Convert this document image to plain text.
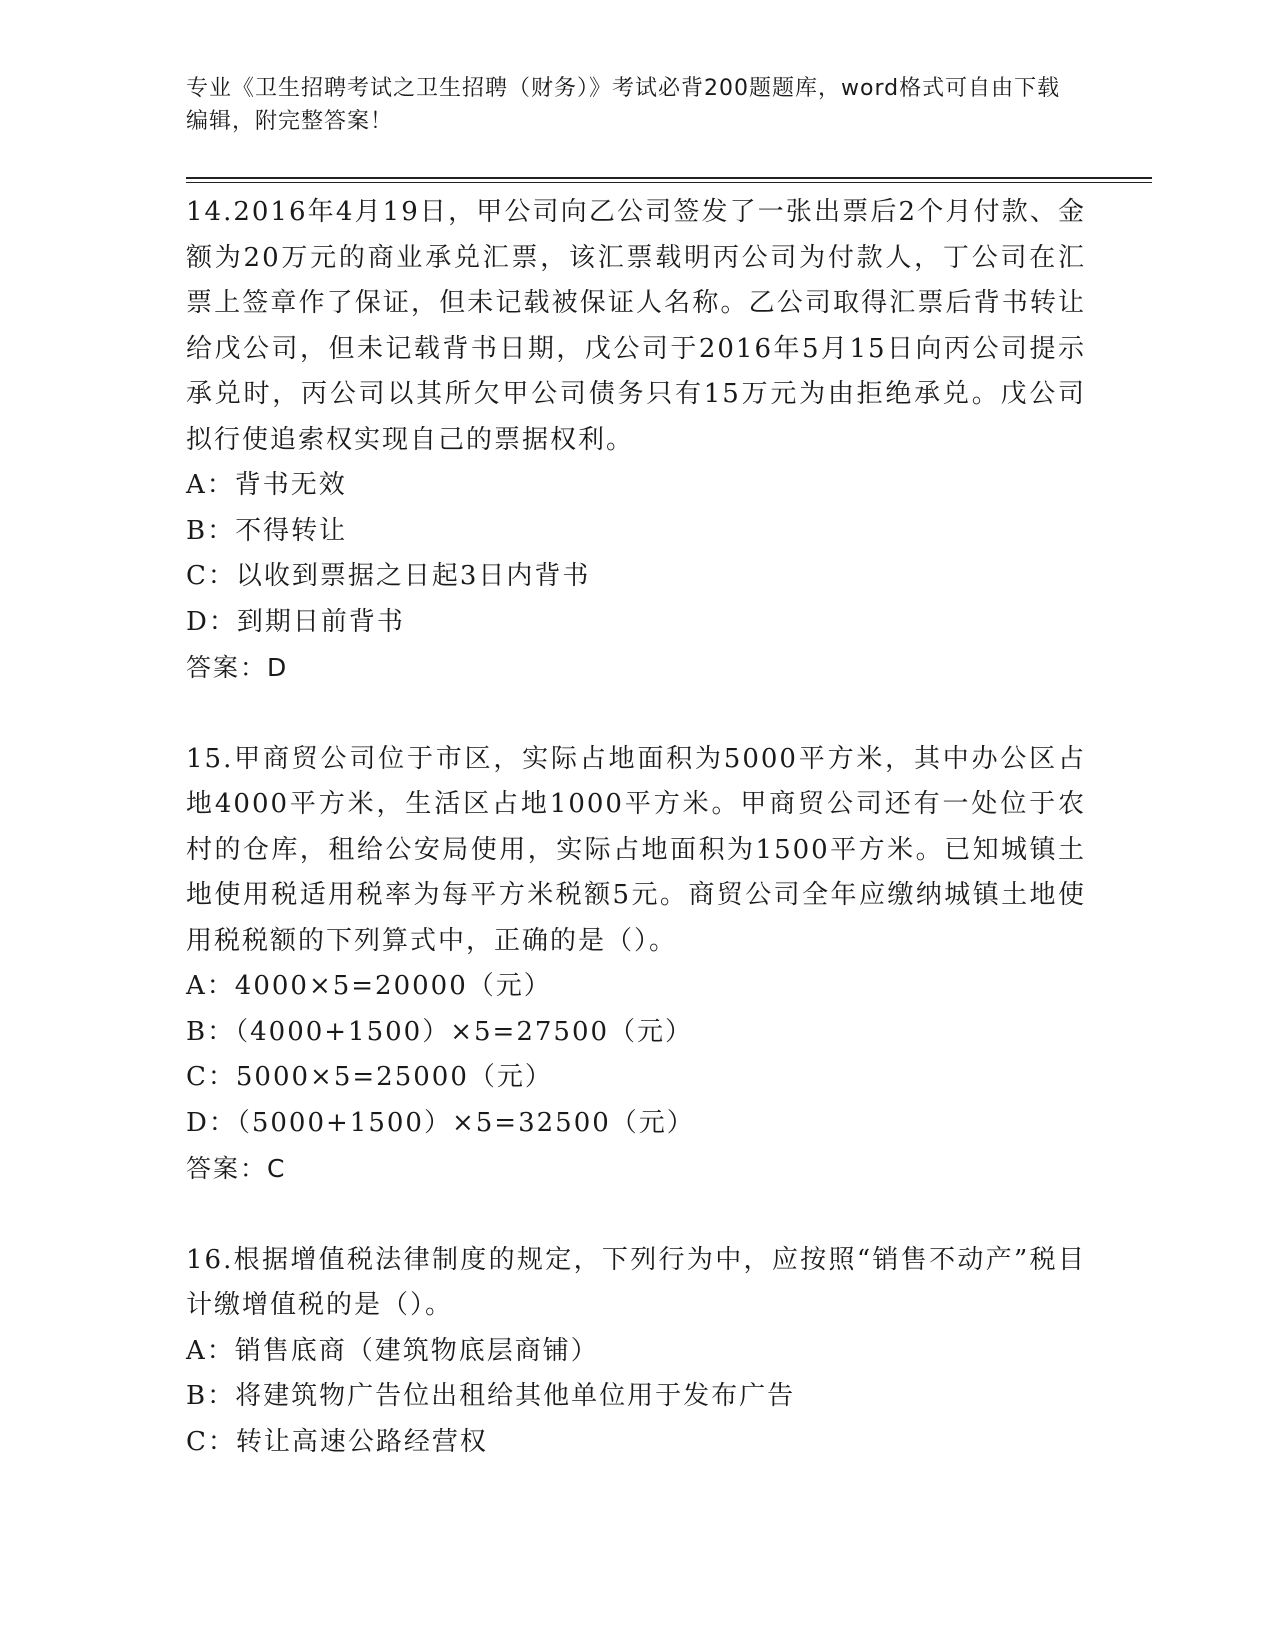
专业《卫生招聘考试之卫生招聘（财务）》考试必背200题题库，word格式可自由下载编辑，附完整答案！

14.2016年4月19日，甲公司向乙公司签发了一张出票后2个月付款、金额为20万元的商业承兑汇票，该汇票载明丙公司为付款人，丁公司在汇票上签章作了保证，但未记载被保证人名称。乙公司取得汇票后背书转让给戊公司，但未记载背书日期，戊公司于2016年5月15日向丙公司提示承兑时，丙公司以其所欠甲公司债务只有15万元为由拒绝承兑。戊公司拟行使追索权实现自己的票据权利。

A：背书无效

B：不得转让

C：以收到票据之日起3日内背书

D：到期日前背书

答案：D

15.甲商贸公司位于市区，实际占地面积为5000平方米，其中办公区占地4000平方米，生活区占地1000平方米。甲商贸公司还有一处位于农村的仓库，租给公安局使用，实际占地面积为1500平方米。已知城镇土地使用税适用税率为每平方米税额5元。商贸公司全年应缴纳城镇土地使用税税额的下列算式中，正确的是（）。

A：4000×5=20000（元）

B：（4000+1500）×5=27500（元）

C：5000×5=25000（元）

D：（5000+1500）×5=32500（元）

答案：C

16.根据增值税法律制度的规定，下列行为中，应按照“销售不动产”税目计缴增值税的是（）。

A：销售底商（建筑物底层商铺）

B：将建筑物广告位出租给其他单位用于发布广告

C：转让高速公路经营权
